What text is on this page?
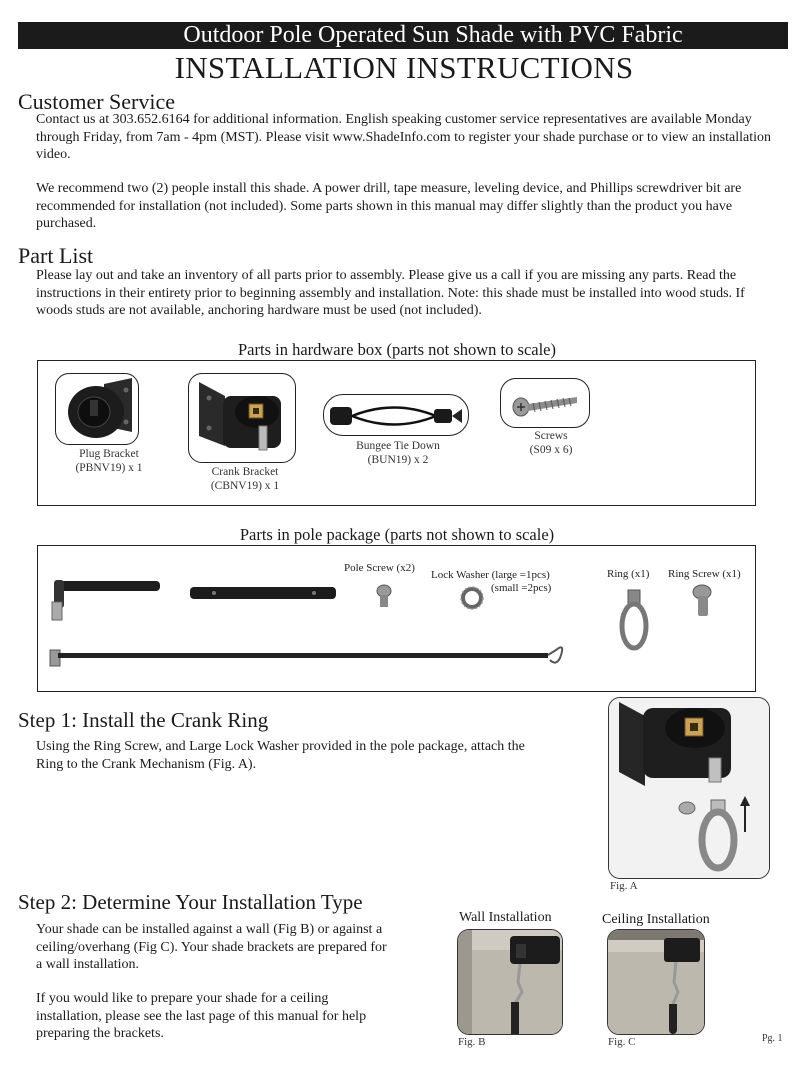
Outdoor Pole Operated Sun Shade with PVC Fabric
INSTALLATION INSTRUCTIONS
Customer Service

Contact us at 303.652.6164 for additional information. English speaking customer service representatives are available Monday through Friday, from 7am - 4pm (MST). Please visit www.ShadeInfo.com to register your shade purchase or to view an installation video.

We recommend two (2) people install this shade. A power drill, tape measure, leveling device, and Phillips screwdriver bit are recommended for installation (not included). Some parts shown in this manual may differ slightly than the product you have purchased.

Part List

Please lay out and take an inventory of all parts prior to assembly. Please give us a call if you are missing any parts. Read the instructions in their entirety prior to beginning assembly and installation. Note: this shade must be installed into wood studs. If woods studs are not available, anchoring hardware must be used (not included).

Parts in hardware box (parts not shown to scale)
Plug Bracket
(PBNV19) x 1	Crank Bracket
(CBNV19) x 1
Bungee Tie Down
(BUN19) x 2
Screws
(S09 x 6)
Parts in pole package (parts not shown to scale)
Pole Screw (x2)
Lock Washer (large =1pcs)
(small =2pcs)
Ring (x1) Ring Screw (x1)
Step 1: Install the Crank Ring

Using the Ring Screw, and Large Lock Washer provided in the pole package, attach the Ring to the Crank Mechanism (Fig. A).

Fig. A
Step 2: Determine Your Installation Type

Your shade can be installed against a wall (Fig B) or against a ceiling/overhang (Fig C). Your shade brackets are prepared for a wall installation.

If you would like to prepare your shade for a ceiling installation, please see the last page of this manual for help preparing the brackets.

Wall Installation	Ceiling Installation
Fig. B	Fig. C	Pg. 1
